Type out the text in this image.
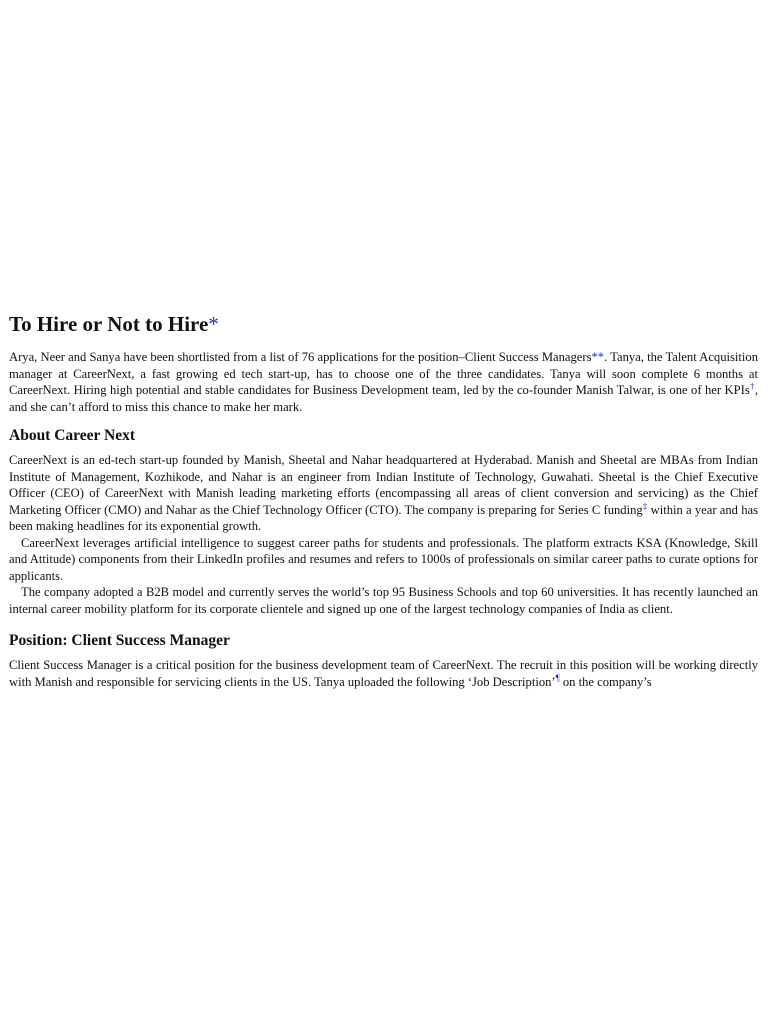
To Hire or Not to Hire*

Arya, Neer and Sanya have been shortlisted from a list of 76 applications for the position–Client Success Managers**. Tanya, the Talent Acquisition manager at CareerNext, a fast growing ed tech start-up, has to choose one of the three candidates. Tanya will soon complete 6 months at CareerNext. Hiring high potential and stable candidates for Business Development team, led by the co-founder Manish Talwar, is one of her KPIs†, and she can’t afford to miss this chance to make her mark.

About Career Next

CareerNext is an ed-tech start-up founded by Manish, Sheetal and Nahar headquartered at Hyderabad. Manish and Sheetal are MBAs from Indian Institute of Management, Kozhikode, and Nahar is an engineer from Indian Institute of Technology, Guwahati. Sheetal is the Chief Executive Officer (CEO) of CareerNext with Manish leading marketing efforts (encompassing all areas of client conversion and servicing) as the Chief Marketing Officer (CMO) and Nahar as the Chief Technology Officer (CTO). The company is preparing for Series C funding‡ within a year and has been making headlines for its exponential growth.

CareerNext leverages artificial intelligence to suggest career paths for students and professionals. The platform extracts KSA (Knowledge, Skill and Attitude) components from their LinkedIn profiles and resumes and refers to 1000s of professionals on similar career paths to curate options for applicants.

The company adopted a B2B model and currently serves the world’s top 95 Business Schools and top 60 universities. It has recently launched an internal career mobility platform for its corporate clientele and signed up one of the largest technology companies of India as client.

Position: Client Success Manager

Client Success Manager is a critical position for the business development team of CareerNext. The recruit in this position will be working directly with Manish and responsible for servicing clients in the US. Tanya uploaded the following ‘Job Description’¶ on the company’s
